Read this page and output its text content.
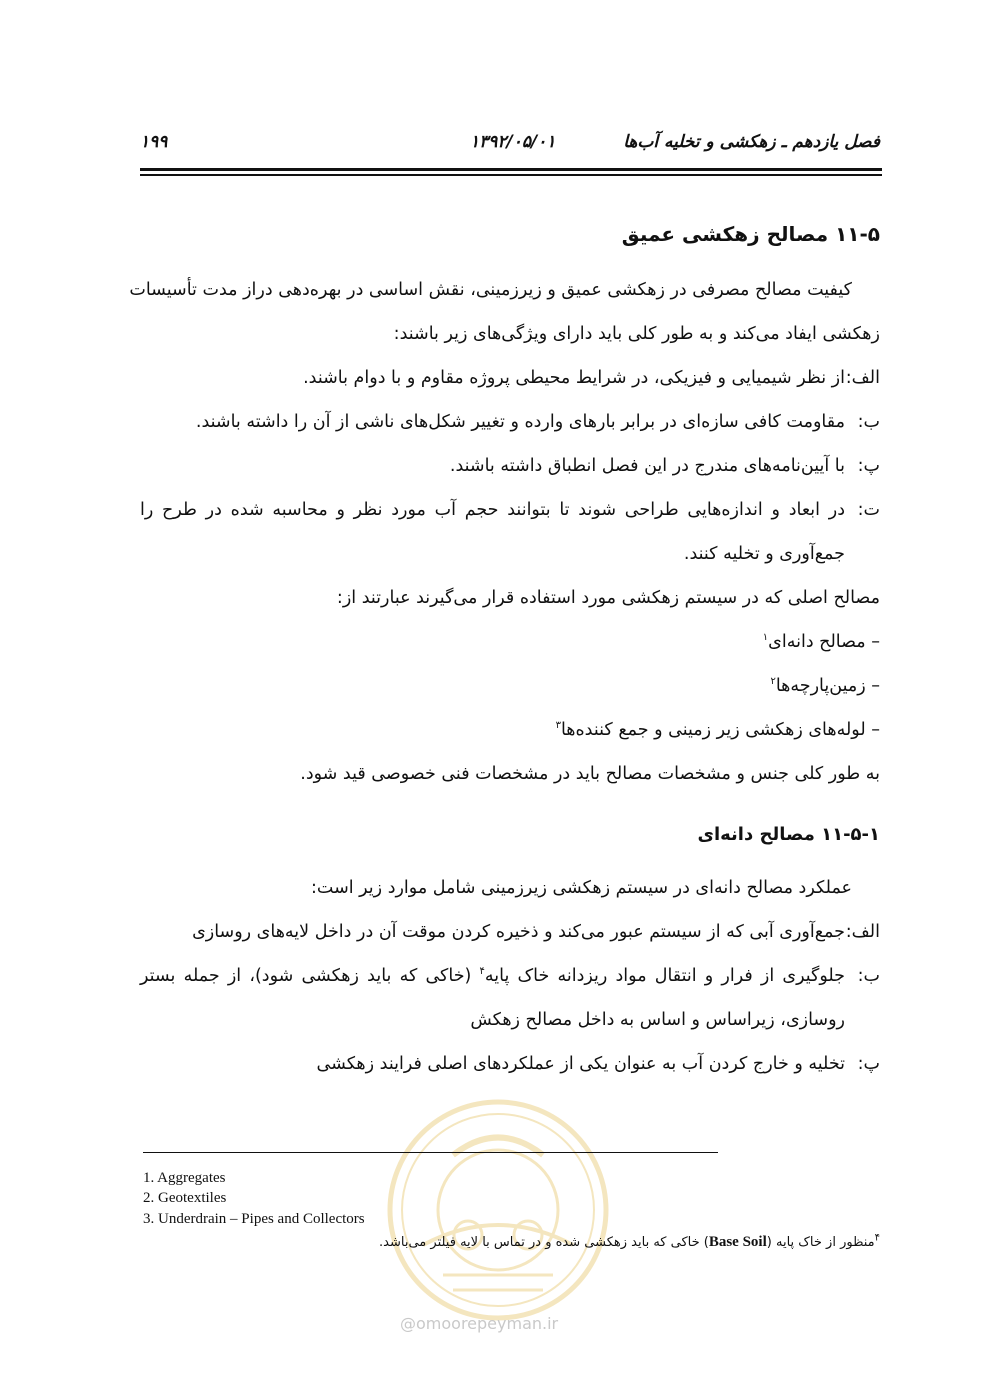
فصل یازدهم ـ زهکشی و تخلیه آب‌ها
۱۳۹۲/۰۵/۰۱
۱۹۹
۱۱-۵ مصالح زهکشی عمیق
کیفیت مصالح مصرفی در زهکشی عمیق و زیرزمینی، نقش اساسی در بهره‌دهی دراز مدت تأسیسات
زهکشی ایفاد می‌کند و به طور کلی باید دارای ویژگی‌های زیر باشند:
الف:
از نظر شیمیایی و فیزیکی، در شرایط محیطی پروژه مقاوم و با دوام باشند.
ب:
مقاومت کافی سازه‌ای در برابر بارهای وارده و تغییر شکل‌های ناشی از آن را داشته باشند.
پ:
با آیین‌نامه‌های مندرج در این فصل انطباق داشته باشند.
ت:
در ابعاد و اندازه‌هایی طراحی شوند تا بتوانند حجم آب مورد نظر و محاسبه شده در طرح را
جمع‌آوری و تخلیه کنند.
مصالح اصلی که در سیستم زهکشی مورد استفاده قرار می‌گیرند عبارتند از:
– مصالح دانه‌ای$^۱$
– زمین‌پارچه‌ها$^۲$
– لوله‌های زهکشی زیر زمینی و جمع کننده‌ها$^۳$
به طور کلی جنس و مشخصات مصالح باید در مشخصات فنی خصوصی قید شود.
۱۱-۵-۱ مصالح دانه‌ای
عملکرد مصالح دانه‌ای در سیستم زهکشی زیرزمینی شامل موارد زیر است:
الف:
جمع‌آوری آبی که از سیستم عبور می‌کند و ذخیره کردن موقت آن در داخل لایه‌های روسازی
ب:
جلوگیری از فرار و انتقال مواد ریزدانه خاک پایه$^۴$ (خاکی که باید زهکشی شود)، از جمله بستر
روسازی، زیراساس و اساس به داخل مصالح زهکش
پ:
تخلیه و خارج کردن آب به عنوان یکی از عملکردهای اصلی فرایند زهکشی
@omoorepeyman.ir
1. Aggregates
2. Geotextiles
3. Underdrain – Pipes and Collectors
$^۴$منظور از خاک پایه (Base Soil) خاکی که باید زهکشی شده و در تماس با لایه فیلتر می‌باشد.
